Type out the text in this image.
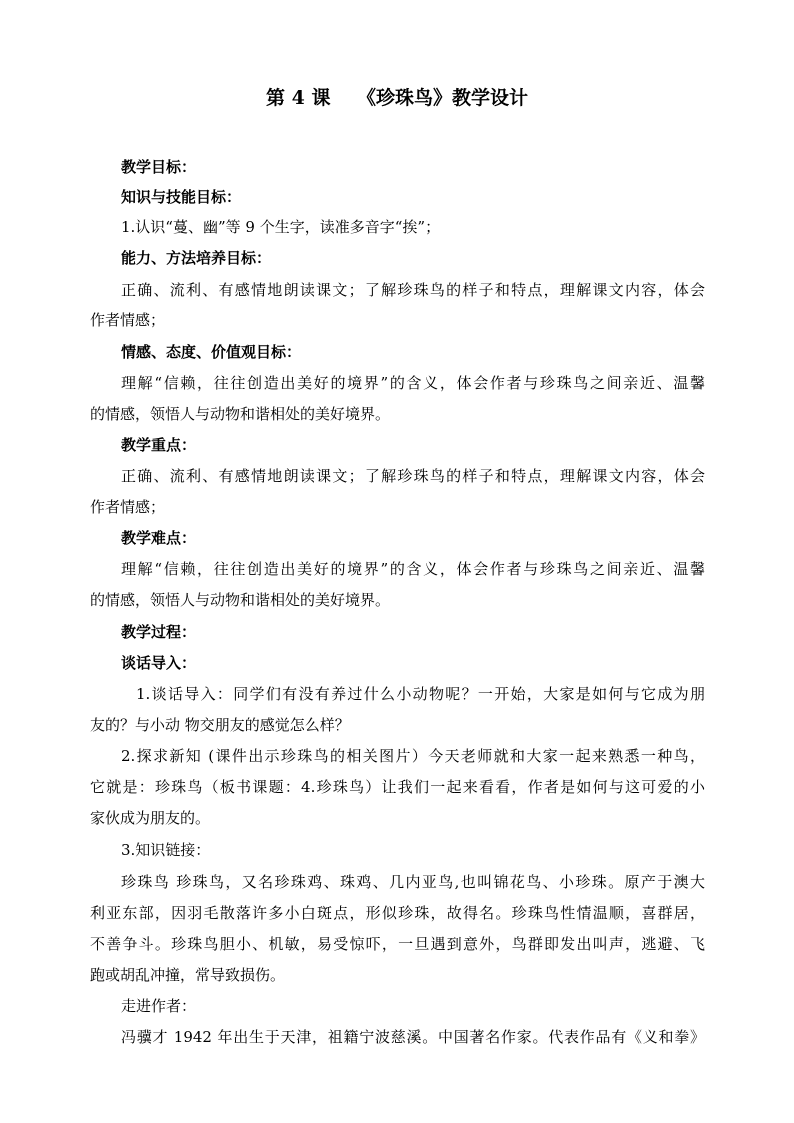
第 4 课    《珍珠鸟》教学设计
教学目标：
知识与技能目标：
1.认识“蔓、幽”等 9 个生字，读准多音字“挨”；
能力、方法培养目标：
正确、流利、有感情地朗读课文；了解珍珠鸟的样子和特点，理解课文内容，体会
作者情感；
情感、态度、价值观目标：
理解“信赖，往往创造出美好的境界”的含义，体会作者与珍珠鸟之间亲近、温馨
的情感，领悟人与动物和谐相处的美好境界。
教学重点：
正确、流利、有感情地朗读课文；了解珍珠鸟的样子和特点，理解课文内容，体会
作者情感；
教学难点：
理解“信赖，往往创造出美好的境界”的含义，体会作者与珍珠鸟之间亲近、温馨
的情感，领悟人与动物和谐相处的美好境界。
教学过程：
谈话导入：
1.谈话导入：同学们有没有养过什么小动物呢？一开始，大家是如何与它成为朋
友的？与小动 物交朋友的感觉怎么样？
2.探求新知 (课件出示珍珠鸟的相关图片）今天老师就和大家一起来熟悉一种鸟，
它就是：珍珠鸟（板书课题：4.珍珠鸟）让我们一起来看看，作者是如何与这可爱的小
家伙成为朋友的。
3.知识链接：
珍珠鸟 珍珠鸟，又名珍珠鸡、珠鸡、几内亚鸟,也叫锦花鸟、小珍珠。原产于澳大
利亚东部，因羽毛散落许多小白斑点，形似珍珠，故得名。珍珠鸟性情温顺，喜群居，
不善争斗。珍珠鸟胆小、机敏，易受惊吓，一旦遇到意外，鸟群即发出叫声，逃避、飞
跑或胡乱冲撞，常导致损伤。
走进作者：
冯骥才 1942 年出生于天津，祖籍宁波慈溪。中国著名作家。代表作品有《义和拳》
